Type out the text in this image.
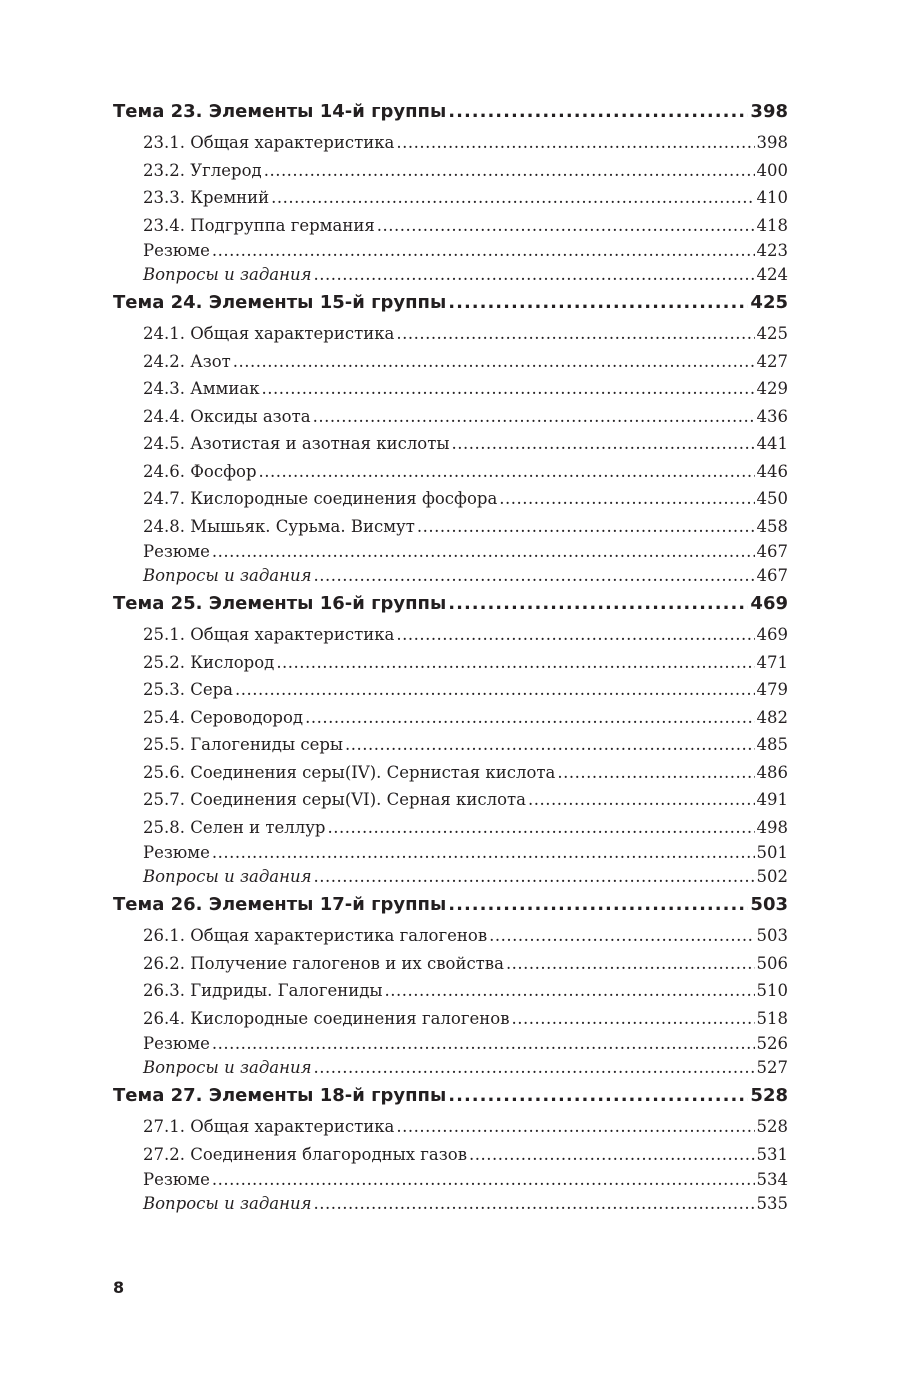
Тема 23. Элементы 14-й группы .....	398
23.1. Общая характеристика .....	398
23.2. Углерод .....	400
23.3. Кремний .....	410
23.4. Подгруппа германия .....	418
Резюме .....	423
Вопросы и задания .....	424
Тема 24. Элементы 15-й группы .....	425
24.1. Общая характеристика .....	425
24.2. Азот .....	427
24.3. Аммиак .....	429
24.4. Оксиды азота .....	436
24.5. Азотистая и азотная кислоты .....	441
24.6. Фосфор .....	446
24.7. Кислородные соединения фосфора .....	450
24.8. Мышьяк. Сурьма. Висмут .....	458
Резюме .....	467
Вопросы и задания .....	467
Тема 25. Элементы 16-й группы .....	469
25.1. Общая характеристика .....	469
25.2. Кислород .....	471
25.3. Сера .....	479
25.4. Сероводород .....	482
25.5. Галогениды серы .....	485
25.6. Соединения серы(IV). Сернистая кислота .....	486
25.7. Соединения серы(VI). Серная кислота .....	491
25.8. Селен и теллур .....	498
Резюме .....	501
Вопросы и задания .....	502
Тема 26. Элементы 17-й группы .....	503
26.1. Общая характеристика галогенов .....	503
26.2. Получение галогенов и их свойства .....	506
26.3. Гидриды. Галогениды .....	510
26.4. Кислородные соединения галогенов .....	518
Резюме .....	526
Вопросы и задания .....	527
Тема 27. Элементы 18-й группы .....	528
27.1. Общая характеристика .....	528
27.2. Соединения благородных газов .....	531
Резюме .....	534
Вопросы и задания .....	535
8
